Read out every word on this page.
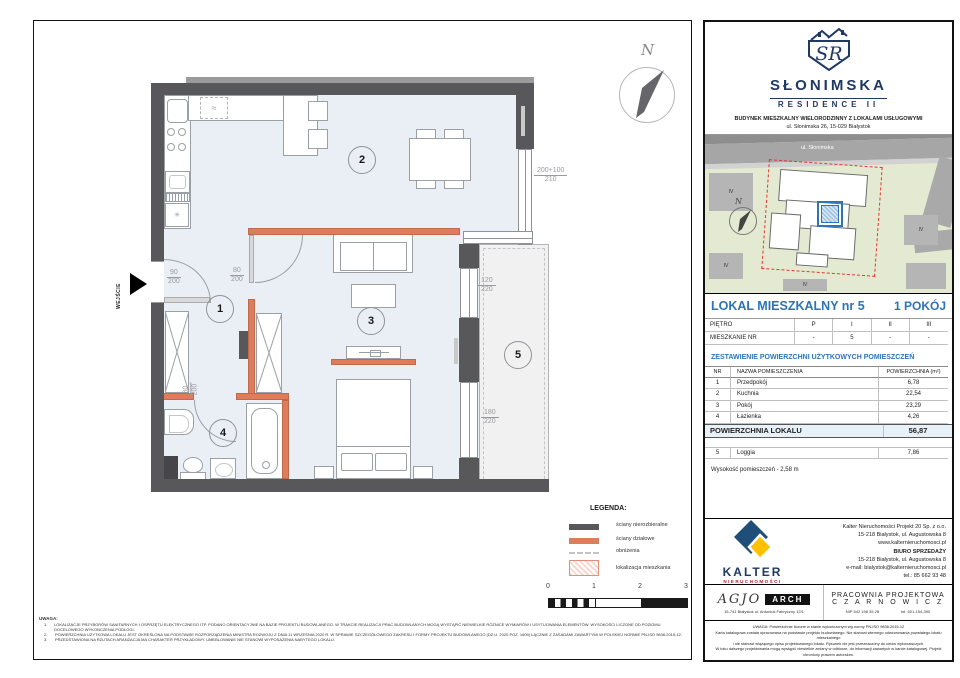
✳
≈
WEJŚCIE	1
2
3
4
5
90
200
80
200
80 200
200+100
210
120
220
180
220
N
LEGENDA:
ściany nierozbieralne
ściany działowe
obniżenia
lokalizacja mieszkania
0	1	2	3
UWAGA:
1.	LOKALIZACJE PRZYBORÓW SANITARNYCH I OSPRZĘTU ELEKTRYCZNEGO ITP. PODANO ORIENTACYJNIE NA BAZIE PROJEKTU BUDOWLANEGO. W TRAKCIE REALIZACJI PRAC BUDOWLANYCH MOGĄ WYSTĄPIĆ NIEWIELKIE RÓŻNICE WYMIARÓW I USYTUOWANIA ELEMENTÓW. WYSOKOŚCI LICZONE OD POZIOMU DOCELOWEGO WYKOŃCZENIA PODŁOGI.
2.	POWIERZCHNIA UŻYTKOWA LOKALU JEST OKREŚLONA NA PODSTAWIE ROZPORZĄDZENIA MINISTRA ROZWOJU Z DNIA 11 WRZEŚNIA 2020 R. W SPRAWIE SZCZEGÓŁOWEGO ZAKRESU I FORMY PROJEKTU BUDOWLANEGO (DZ.U. 2020 POZ. 1609) ŁĄCZNIE Z ZASADAMI ZAWARTYMI W POLSKIEJ NORMIE PN-ISO 9836:2015-12.
3.	PRZEDSTAWIONA NA RZUTACH ARANŻACJA MA CHARAKTER PRZYKŁADOWY. UMEBLOWANIE NIE STANOWI WYPOSAŻENIA NABYTEGO LOKALU.
SR
SŁONIMSKA
RESIDENCE II
BUDYNEK MIESZKALNY WIELORODZINNY Z LOKALAMI USŁUGOWYMI
ul. Słonimska 26, 15-029 Białystok
ul. Słonimska
IV
IV
IV
IV
N
LOKAL MIESZKALNY nr 5 1 POKÓJ
PIĘTRO	P	I	II	III
MIESZKANIE NR	-	5	-	-
ZESTAWIENIE POWIERZCHNI UŻYTKOWYCH POMIESZCZEŃ
NR	NAZWA POMIESZCZENIA	POWIERZCHNIA (m²)
1	Przedpokój	6,78
2	Kuchnia	22,54
3	Pokój	23,29
4	Łazienka	4,26
POWIERZCHNIA LOKALU	56,87
5	Loggia	7,86
Wysokość pomieszczeń - 2,58 m
KALTER
NIERUCHOMOŚCI
Kalter Nieruchomości Projekt 20 Sp. z o.o.
15-218 Białystok, ul. Augustowska 8
www.kalternieruchomosci.pl
BIURO SPRZEDAŻY
15-218 Białystok, ul. Augustowska 8
e-mail: bialystok@kalternieruchomosci.pl
tel.: 85 662 93 48
AGJO	ARCH
15-741 Białystok ul. Antoniuk Fabryczny 12/1
PRACOWNIA PROJEKTOWA
C Z A R N O W I C Z
NIP 542 198 35 28	tel. 601-154-390
UWAGA: Powierzchnie liczone w stanie wykończonym wg normy PN-ISO 9836:2015-12
Karta katalogowa została opracowana na podstawie projektu budowlanego. Nie stanowi wiernego odwzorowania powstałego lokalu mieszkalnego
i nie stanowi wiążącego opisu projektowanego lokalu. Rysunek nie jest przeznaczony do celów wykonawczych.
W toku dalszego projektowania mogą wystąpić niewielkie zmiany w odbiorze, do informacji zawartych w karcie katalogowej. Projekt chroniony prawem autorskim.
